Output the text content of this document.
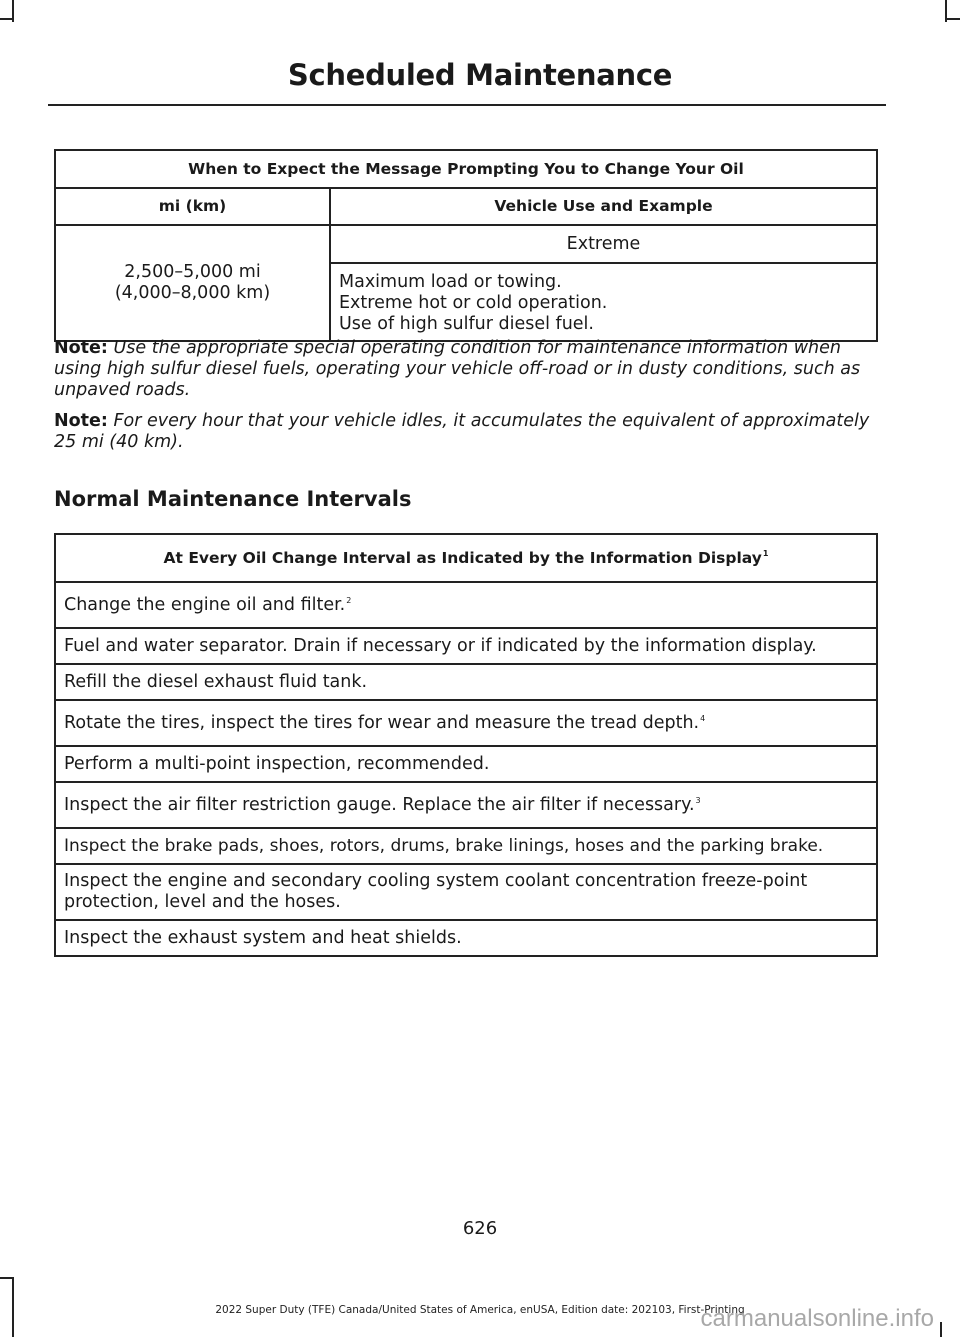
Scheduled Maintenance
When to Expect the Message Prompting You to Change Your Oil	
mi (km)	Vehicle Use and Example

2,500–5,000 mi
(4,000–8,000 km)	Extreme

	Maximum load or towing.
Extreme hot or cold operation.
Use of high sulfur diesel fuel.

Note: Use the appropriate special operating condition for maintenance information when using high sulfur diesel fuels, operating your vehicle off-road or in dusty conditions, such as unpaved roads.

Note: For every hour that your vehicle idles, it accumulates the equivalent of approximately 25 mi (40 km).

Normal Maintenance Intervals
At Every Oil Change Interval as Indicated by the Information Display$^1$
Change the engine oil and filter.$^2$
Fuel and water separator. Drain if necessary or if indicated by the information display.
Refill the diesel exhaust fluid tank.
Rotate the tires, inspect the tires for wear and measure the tread depth.$^4$
Perform a multi-point inspection, recommended.
Inspect the air filter restriction gauge. Replace the air filter if necessary.$^3$
Inspect the brake pads, shoes, rotors, drums, brake linings, hoses and the parking brake.
Inspect the engine and secondary cooling system coolant concentration freeze-point protection, level and the hoses.
Inspect the exhaust system and heat shields.
626
2022 Super Duty (TFE) Canada/United States of America, enUSA, Edition date: 202103, First-Printing
carmanualsonline.info
